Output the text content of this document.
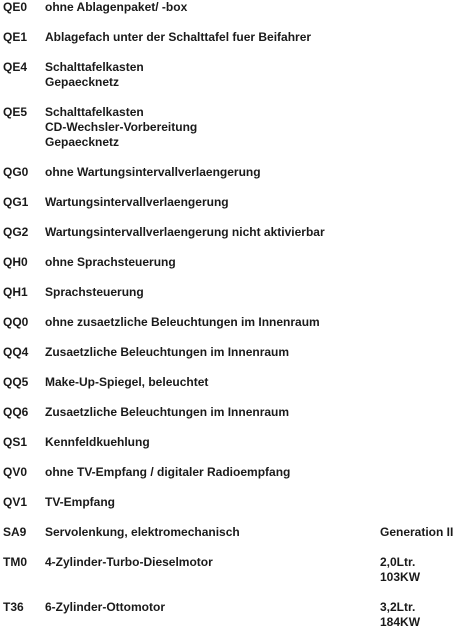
QE0 ohne Ablagenpaket/ -box
QE1 Ablagefach unter der Schalttafel fuer Beifahrer
QE4 Schalttafelkasten
Gepaecknetz
QE5 Schalttafelkasten
CD-Wechsler-Vorbereitung
Gepaecknetz
QG0 ohne Wartungsintervallverlaengerung
QG1 Wartungsintervallverlaengerung
QG2 Wartungsintervallverlaengerung nicht aktivierbar
QH0 ohne Sprachsteuerung
QH1 Sprachsteuerung
QQ0 ohne zusaetzliche Beleuchtungen im Innenraum
QQ4 Zusaetzliche Beleuchtungen im Innenraum
QQ5 Make-Up-Spiegel, beleuchtet
QQ6 Zusaetzliche Beleuchtungen im Innenraum
QS1 Kennfeldkuehlung
QV0 ohne TV-Empfang / digitaler Radioempfang
QV1 TV-Empfang
SA9 Servolenkung, elektromechanisch	Generation II
TM0 4-Zylinder-Turbo-Dieselmotor	2,0Ltr.
103KW
T36 6-Zylinder-Ottomotor	3,2Ltr.
184KW
